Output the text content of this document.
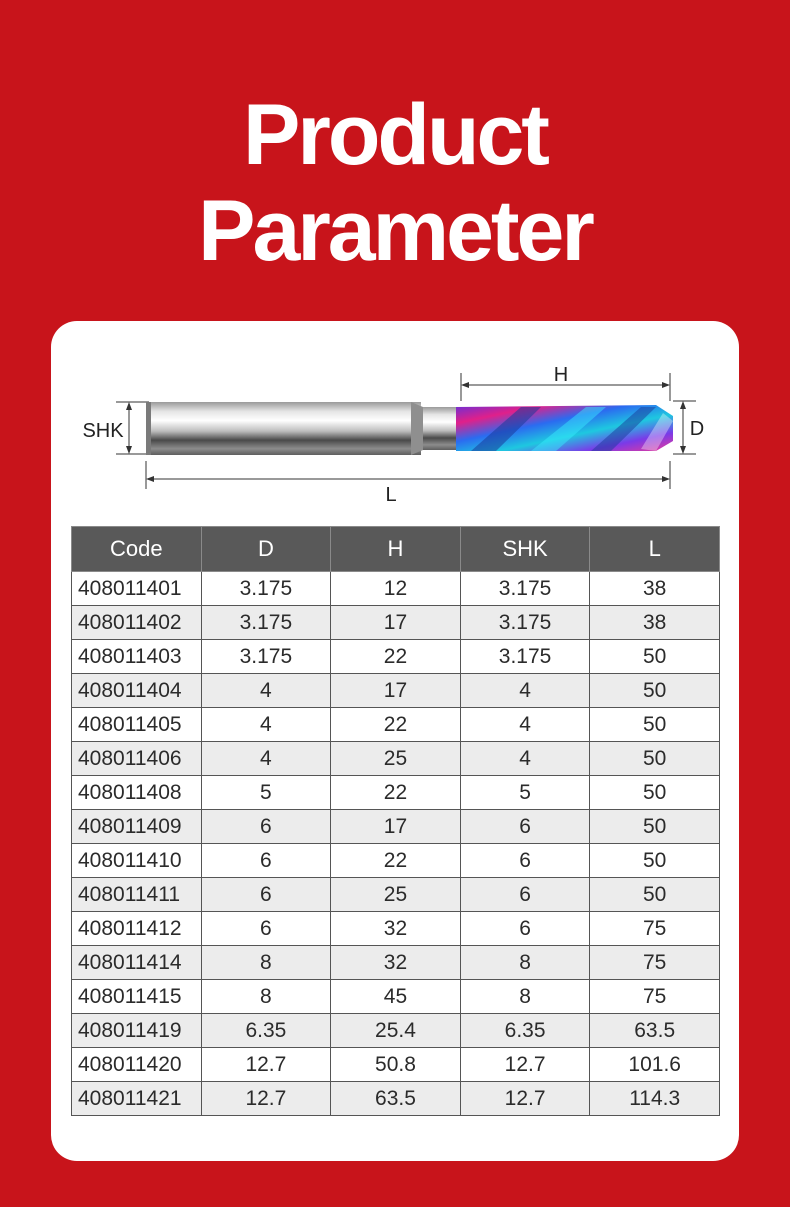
Product
Parameter
H
D
SHK
L
Code	D	H	SHK	L
408011401	3.175	12	3.175	38
408011402	3.175	17	3.175	38
408011403	3.175	22	3.175	50
408011404	4	17	4	50
408011405	4	22	4	50
408011406	4	25	4	50
408011408	5	22	5	50
408011409	6	17	6	50
408011410	6	22	6	50
408011411	6	25	6	50
408011412	6	32	6	75
408011414	8	32	8	75
408011415	8	45	8	75
408011419	6.35	25.4	6.35	63.5
408011420	12.7	50.8	12.7	101.6
408011421	12.7	63.5	12.7	114.3
